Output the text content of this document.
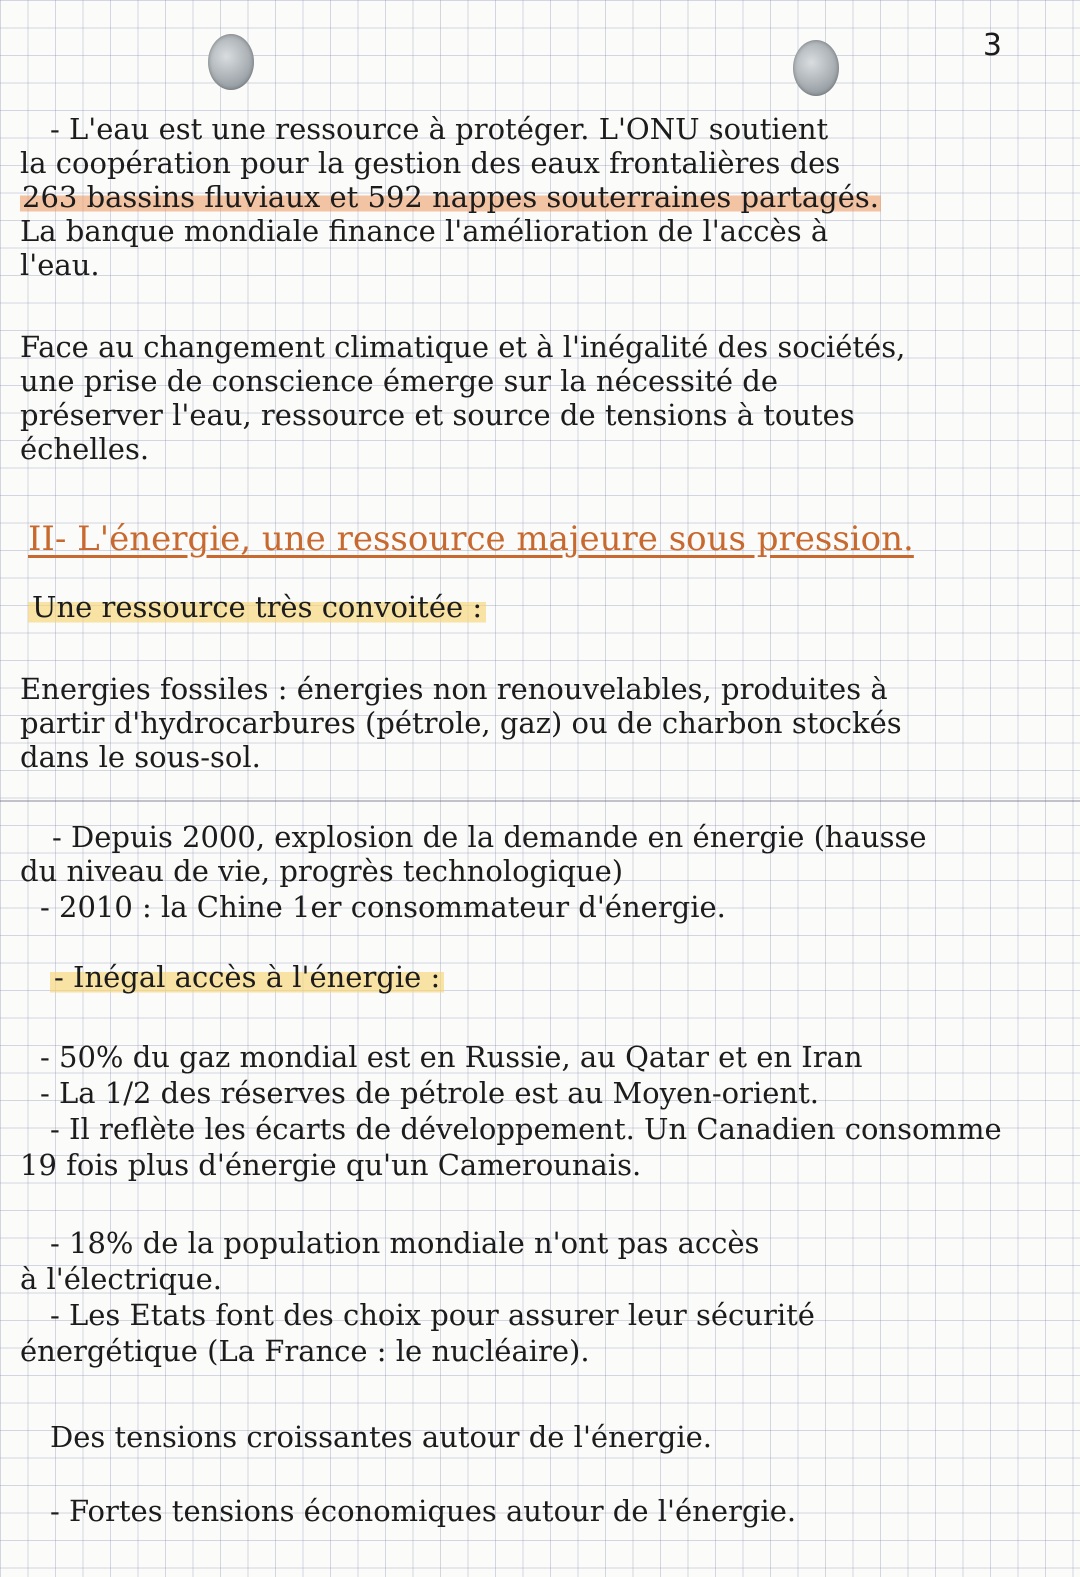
3
- L'eau est une ressource à protéger. L'ONU soutient
la coopération pour la gestion des eaux frontalières des
263 bassins fluviaux et 592 nappes souterraines partagés.
La banque mondiale finance l'amélioration de l'accès à
l'eau.
Face au changement climatique et à l'inégalité des sociétés,
une prise de conscience émerge sur la nécessité de
préserver l'eau, ressource et source de tensions à toutes
échelles.
II- L'énergie, une ressource majeure sous pression.
Une ressource très convoitée :
Energies fossiles : énergies non renouvelables, produites à
partir d'hydrocarbures (pétrole, gaz) ou de charbon stockés
dans le sous-sol.
- Depuis 2000, explosion de la demande en énergie (hausse
du niveau de vie, progrès technologique)
- 2010 : la Chine 1er consommateur d'énergie.
- Inégal accès à l'énergie :
- 50% du gaz mondial est en Russie, au Qatar et en Iran
- La 1/2 des réserves de pétrole est au Moyen-orient.
- Il reflète les écarts de développement. Un Canadien consomme
19 fois plus d'énergie qu'un Camerounais.
- 18% de la population mondiale n'ont pas accès
à l'électrique.
- Les Etats font des choix pour assurer leur sécurité
énergétique (La France : le nucléaire).
Des tensions croissantes autour de l'énergie.
- Fortes tensions économiques autour de l'énergie.
